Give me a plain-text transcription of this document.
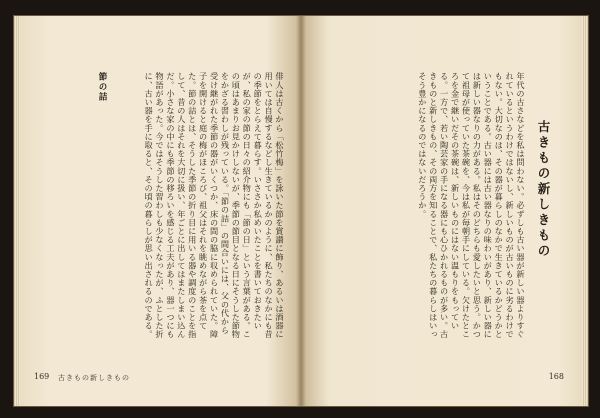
俳人は古くから「松竹梅」を詠いた節を賞讃に飾り、あるいは酒器に用いては自慢するなどし生きているかのように、私たちのなかにも昔の季節をとらえて暮らす。いささか私めいたことを書いておきたいが、私の家の節の日々の紹介物にも「節の日」という言葉がある。この頃はあまりお見かけしないが、季節の節目となる日にそうした節物をかざる習わしが残っている。「節の詰」の間合いには、父の代から受け継がれた季節の器がいくつか、床の間の脇に収められていた。障子を開けると庭の梅がほころび、祖父はそれを眺めながら茶を点てた。節の詰とは、そうした季節の折り目に用いる器や調度のことを指して、昔の人はそれを大切に扱い、年ごとに出してはまたしまい込んだ。小さな家の中にも季節の移ろいを感じる工夫があり、器一つにも物語があった。今ではそうした習わしも少なくなったが、ふとした折に、古い器を手に取ると、その頃の暮らしが思い出されるのである。
節の詰
169 古きもの新しきもの
古きもの新しきもの
年代の古さなどを私は問わない。必ずしも古い器が新しい器よりすぐれているというわけではないし、新しいものが古いものに劣るわけでもない。大切なのは、その器が暮らしのなかで生きているかどうかということである。古い器には古い器なりの味わいがあり、新しい器には新しい器なりの力がある。私はそのどちらも愛したいと思う。かつて祖母が使っていた茶碗を、今は私が毎朝手にしている。欠けたところを金で継いだその茶碗は、新しいものにはない温もりをもっている。一方で、若い陶芸家の手になる器にも心ひかれるものが多い。古きものと新しきもの、その両方を知ることで、私たちの暮らしはいっそう豊かになるのではないだろうか。
168
